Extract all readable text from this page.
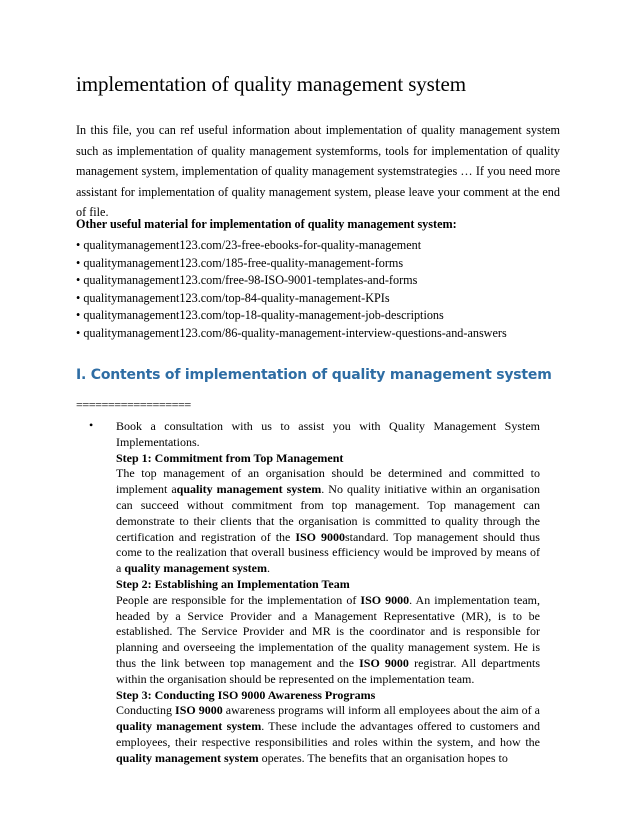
implementation of quality management system

In this file, you can ref useful information about implementation of quality management system such as implementation of quality management systemforms, tools for implementation of quality management system, implementation of quality management systemstrategies … If you need more assistant for implementation of quality management system, please leave your comment at the end of file.

Other useful material for implementation of quality management system:

• qualitymanagement123.com/23-free-ebooks-for-quality-management
• qualitymanagement123.com/185-free-quality-management-forms
• qualitymanagement123.com/free-98-ISO-9001-templates-and-forms
• qualitymanagement123.com/top-84-quality-management-KPIs
• qualitymanagement123.com/top-18-quality-management-job-descriptions
• qualitymanagement123.com/86-quality-management-interview-questions-and-answers
I. Contents of implementation of quality management system

==================

• Book a consultation with us to assist you with Quality Management System Implementations.

Step 1: Commitment from Top Management

The top management of an organisation should be determined and committed to implement aquality management system. No quality initiative within an organisation can succeed without commitment from top management. Top management can demonstrate to their clients that the organisation is committed to quality through the certification and registration of the ISO 9000standard. Top management should thus come to the realization that overall business efficiency would be improved by means of a quality management system.

Step 2: Establishing an Implementation Team

People are responsible for the implementation of ISO 9000. An implementation team, headed by a Service Provider and a Management Representative (MR), is to be established. The Service Provider and MR is the coordinator and is responsible for planning and overseeing the implementation of the quality management system. He is thus the link between top management and the ISO 9000 registrar. All departments within the organisation should be represented on the implementation team.

Step 3: Conducting ISO 9000 Awareness Programs

Conducting ISO 9000 awareness programs will inform all employees about the aim of a quality management system. These include the advantages offered to customers and employees, their respective responsibilities and roles within the system, and how the quality management system operates. The benefits that an organisation hopes to
